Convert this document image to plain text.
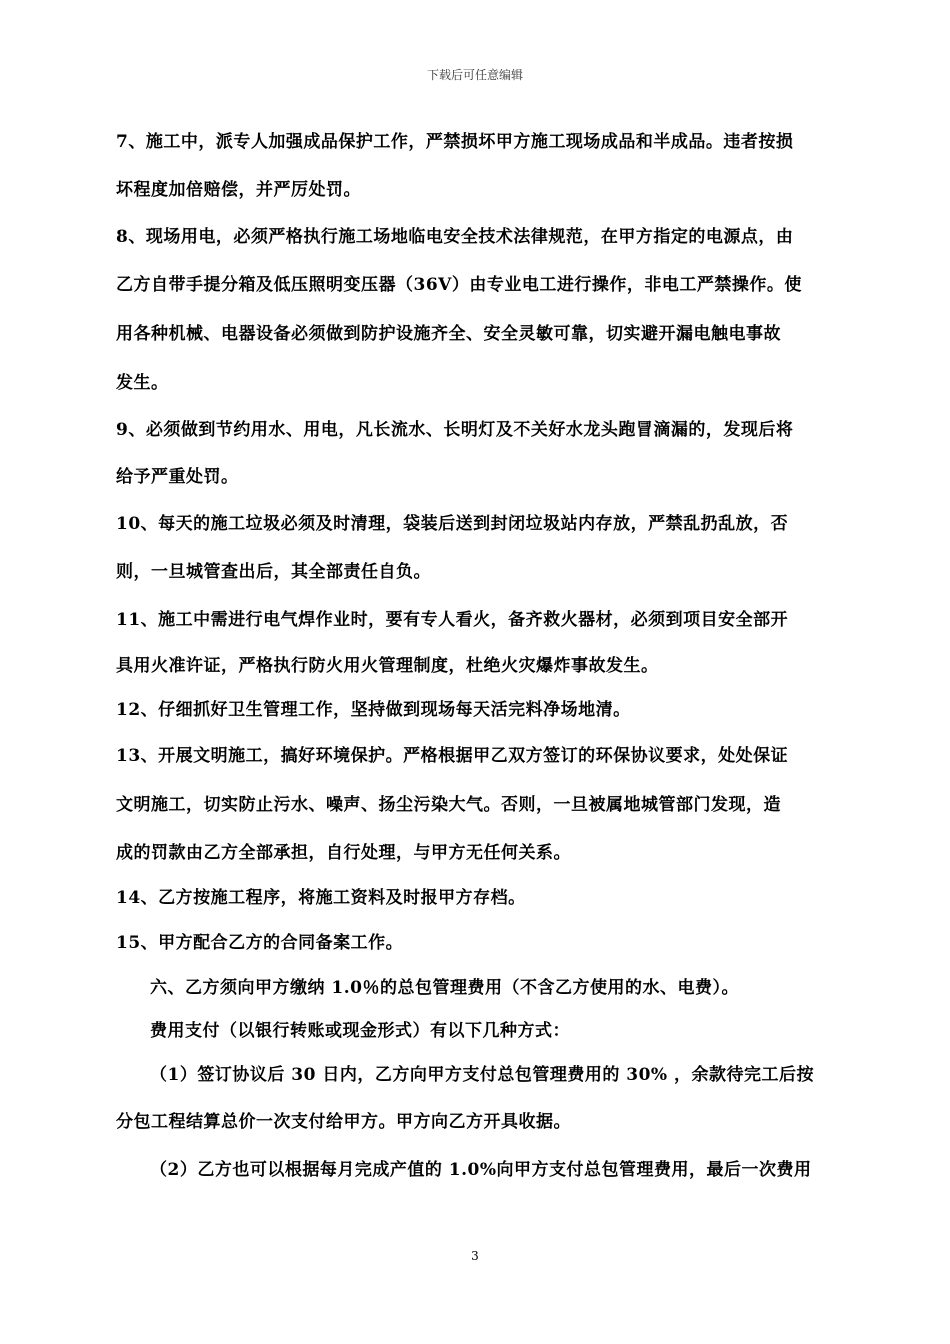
下载后可任意编辑
7、施工中，派专人加强成品保护工作，严禁损坏甲方施工现场成品和半成品。违者按损
坏程度加倍赔偿，并严厉处罚。
8、现场用电，必须严格执行施工场地临电安全技术法律规范，在甲方指定的电源点，由
乙方自带手提分箱及低压照明变压器（36V）由专业电工进行操作，非电工严禁操作。使
用各种机械、电器设备必须做到防护设施齐全、安全灵敏可靠，切实避开漏电触电事故
发生。
9、必须做到节约用水、用电，凡长流水、长明灯及不关好水龙头跑冒滴漏的，发现后将
给予严重处罚。
10、每天的施工垃圾必须及时清理，袋装后送到封闭垃圾站内存放，严禁乱扔乱放，否
则，一旦城管查出后，其全部责任自负。
11、施工中需进行电气焊作业时，要有专人看火，备齐救火器材，必须到项目安全部开
具用火准许证，严格执行防火用火管理制度，杜绝火灾爆炸事故发生。
12、仔细抓好卫生管理工作，坚持做到现场每天活完料净场地清。
13、开展文明施工，搞好环境保护。严格根据甲乙双方签订的环保协议要求，处处保证
文明施工，切实防止污水、噪声、扬尘污染大气。否则，一旦被属地城管部门发现，造
成的罚款由乙方全部承担，自行处理，与甲方无任何关系。
14、乙方按施工程序，将施工资料及时报甲方存档。
15、甲方配合乙方的合同备案工作。
六、乙方须向甲方缴纳 1.0％的总包管理费用（不含乙方使用的水、电费）。
费用支付（以银行转账或现金形式）有以下几种方式：
（1）签订协议后 30 日内，乙方向甲方支付总包管理费用的 30% ，余款待完工后按
分包工程结算总价一次支付给甲方。甲方向乙方开具收据。
（2）乙方也可以根据每月完成产值的 1.0%向甲方支付总包管理费用，最后一次费用
3
